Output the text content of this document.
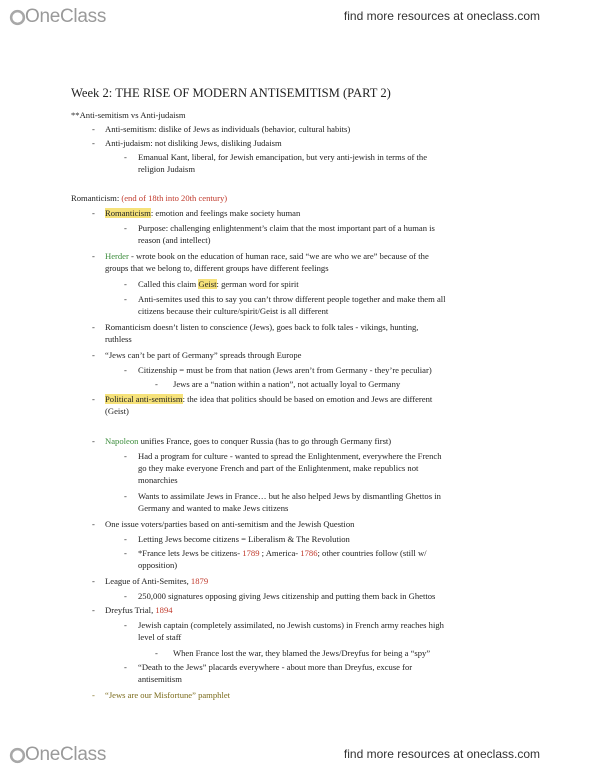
OneClass	find more resources at oneclass.com
Week 2: THE RISE OF MODERN ANTISEMITISM (PART 2)
**Anti-semitism vs Anti-judaism
- Anti-semitism: dislike of Jews as individuals (behavior, cultural habits)
- Anti-judaism: not disliking Jews, disliking Judaism
- Emanual Kant, liberal, for Jewish emancipation, but very anti-jewish in terms of the
religion Judaism
Romanticism: (end of 18th into 20th century)
- Romanticism: emotion and feelings make society human
- Purpose: challenging enlightenment’s claim that the most important part of a human is
reason (and intellect)
- Herder - wrote book on the education of human race, said “we are who we are” because of the
groups that we belong to, different groups have different feelings
- Called this claim Geist: german word for spirit
- Anti-semites used this to say you can’t throw different people together and make them all
citizens because their culture/spirit/Geist is all different
- Romanticism doesn’t listen to conscience (Jews), goes back to folk tales - vikings, hunting,
ruthless
- “Jews can’t be part of Germany” spreads through Europe
- Citizenship = must be from that nation (Jews aren’t from Germany - they’re peculiar)
- Jews are a “nation within a nation”, not actually loyal to Germany
- Political anti-semitism: the idea that politics should be based on emotion and Jews are different
(Geist)
- Napoleon unifies France, goes to conquer Russia (has to go through Germany first)
- Had a program for culture - wanted to spread the Enlightenment, everywhere the French
go they make everyone French and part of the Enlightenment, make republics not
monarchies
- Wants to assimilate Jews in France… but he also helped Jews by dismantling Ghettos in
Germany and wanted to make Jews citizens
- One issue voters/parties based on anti-semitism and the Jewish Question
- Letting Jews become citizens = Liberalism & The Revolution
- *France lets Jews be citizens- 1789 ; America- 1786; other countries follow (still w/
opposition)
- League of Anti-Semites, 1879
- 250,000 signatures opposing giving Jews citizenship and putting them back in Ghettos
- Dreyfus Trial, 1894
- Jewish captain (completely assimilated, no Jewish customs) in French army reaches high
level of staff
- When France lost the war, they blamed the Jews/Dreyfus for being a “spy”
- “Death to the Jews” placards everywhere - about more than Dreyfus, excuse for
antisemitism
- “Jews are our Misfortune” pamphlet
OneClass	find more resources at oneclass.com
